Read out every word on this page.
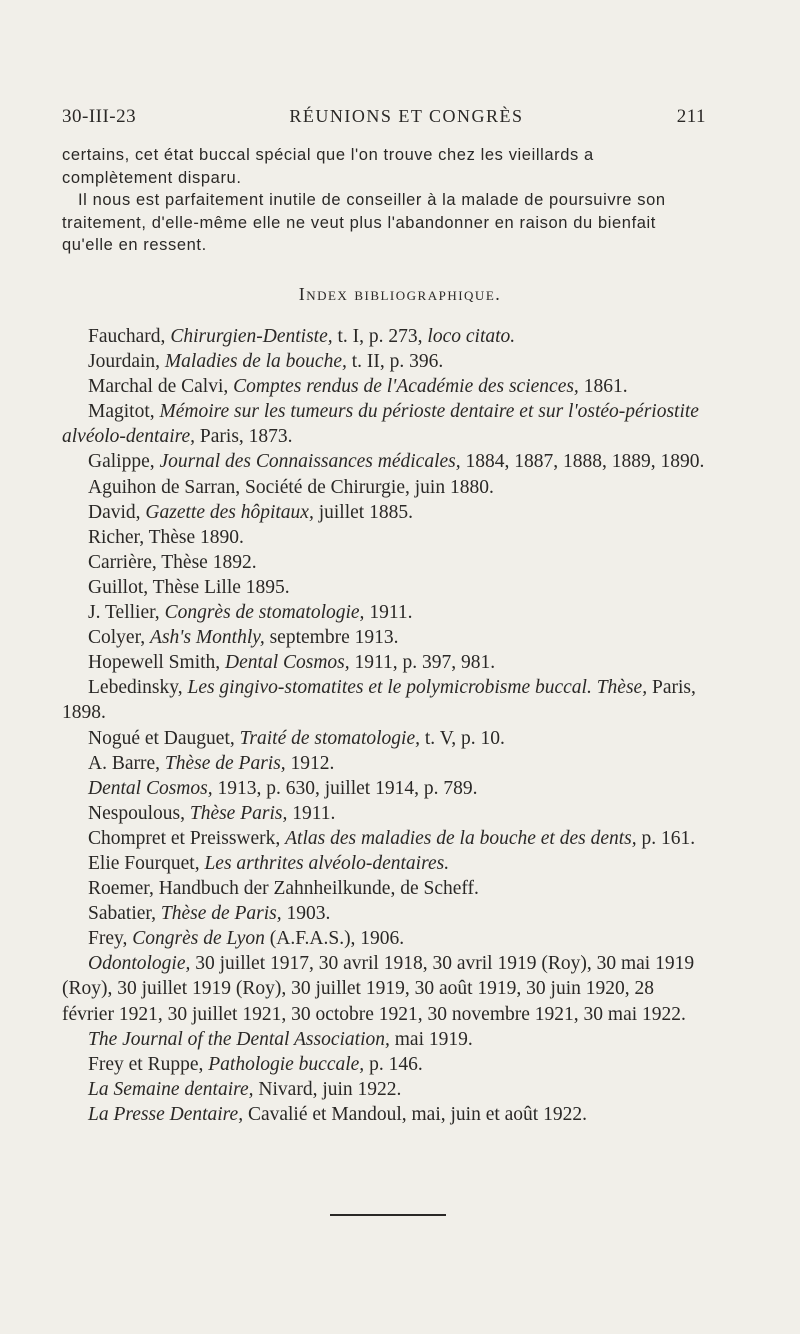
30-III-23	RÉUNIONS ET CONGRÈS	211

certains, cet état buccal spécial que l'on trouve chez les vieillards a complètement disparu.

Il nous est parfaitement inutile de conseiller à la malade de poursuivre son traitement, d'elle-même elle ne veut plus l'abandonner en raison du bienfait qu'elle en ressent.

Index bibliographique.

Fauchard, Chirurgien-Dentiste, t. I, p. 273, loco citato.

Jourdain, Maladies de la bouche, t. II, p. 396.

Marchal de Calvi, Comptes rendus de l'Académie des sciences, 1861.

Magitot, Mémoire sur les tumeurs du périoste dentaire et sur l'ostéo-périostite alvéolo-dentaire, Paris, 1873.

Galippe, Journal des Connaissances médicales, 1884, 1887, 1888, 1889, 1890.

Aguihon de Sarran, Société de Chirurgie, juin 1880.

David, Gazette des hôpitaux, juillet 1885.

Richer, Thèse 1890.

Carrière, Thèse 1892.

Guillot, Thèse Lille 1895.

J. Tellier, Congrès de stomatologie, 1911.

Colyer, Ash's Monthly, septembre 1913.

Hopewell Smith, Dental Cosmos, 1911, p. 397, 981.

Lebedinsky, Les gingivo-stomatites et le polymicrobisme buccal. Thèse, Paris, 1898.

Nogué et Dauguet, Traité de stomatologie, t. V, p. 10.

A. Barre, Thèse de Paris, 1912.

Dental Cosmos, 1913, p. 630, juillet 1914, p. 789.

Nespoulous, Thèse Paris, 1911.

Chompret et Preisswerk, Atlas des maladies de la bouche et des dents, p. 161.

Elie Fourquet, Les arthrites alvéolo-dentaires.

Roemer, Handbuch der Zahnheilkunde, de Scheff.

Sabatier, Thèse de Paris, 1903.

Frey, Congrès de Lyon (A.F.A.S.), 1906.

Odontologie, 30 juillet 1917, 30 avril 1918, 30 avril 1919 (Roy), 30 mai 1919 (Roy), 30 juillet 1919 (Roy), 30 juillet 1919, 30 août 1919, 30 juin 1920, 28 février 1921, 30 juillet 1921, 30 octobre 1921, 30 novembre 1921, 30 mai 1922.

The Journal of the Dental Association, mai 1919.

Frey et Ruppe, Pathologie buccale, p. 146.

La Semaine dentaire, Nivard, juin 1922.

La Presse Dentaire, Cavalié et Mandoul, mai, juin et août 1922.
